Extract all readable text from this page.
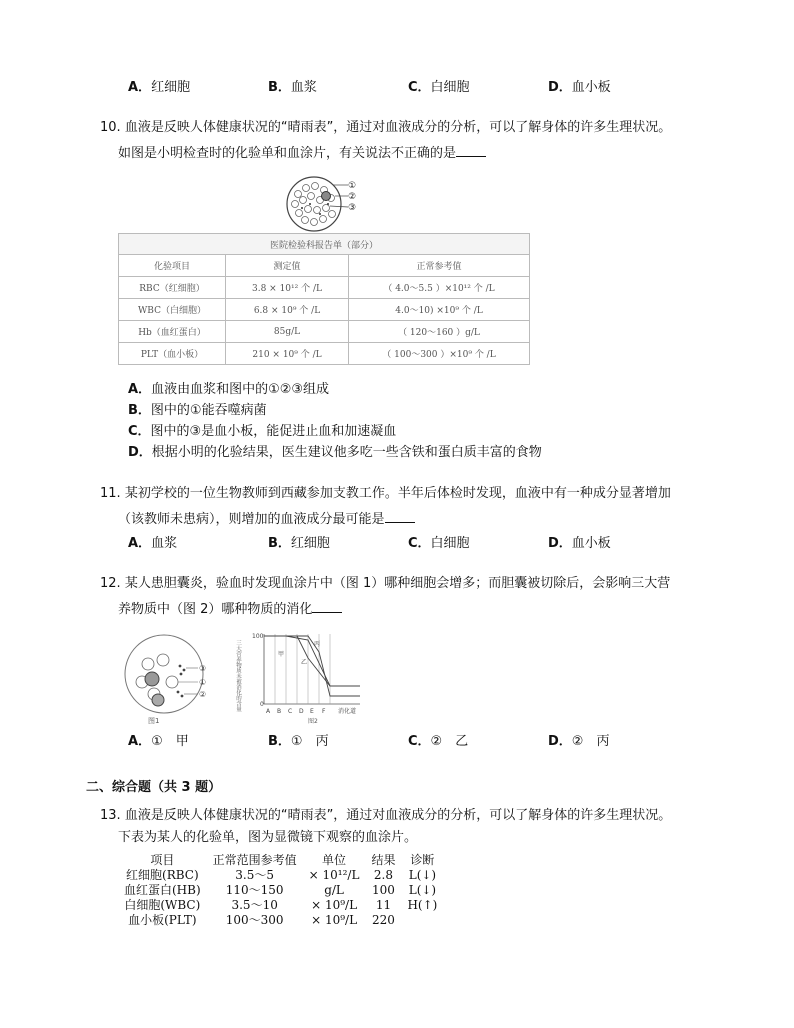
A．红细胞	B．血浆	C．白细胞	D．血小板
10. 血液是反映人体健康状况的“晴雨表”，通过对血液成分的分析，可以了解身体的许多生理状况。
如图是小明检查时的化验单和血涂片，有关说法不正确的是
①
②
③
医院检验科报告单（部分）		
化验项目	测定值	正常参考值
RBC（红细胞）	3.8 × 10¹² 个 /L	（ 4.0～5.5 ）×10¹² 个 /L
WBC（白细胞）	6.8 × 10⁹ 个 /L	4.0～10) ×10⁹ 个 /L
Hb（血红蛋白）	85g/L	（ 120～160 ）g/L
PLT（血小板）	210 × 10⁹ 个 /L	（ 100～300 ）×10⁹ 个 /L
A．血液由血浆和图中的①②③组成
B．图中的①能吞噬病菌
C．图中的③是血小板，能促进止血和加速凝血
D．根据小明的化验结果，医生建议他多吃一些含铁和蛋白质丰富的食物
11. 某初学校的一位生物教师到西藏参加支教工作。半年后体检时发现，血液中有一种成分显著增加
（该教师未患病），则增加的血液成分最可能是
A．血浆	B．红细胞	C．白细胞	D．血小板
12. 某人患胆囊炎，验血时发现血涂片中（图 1）哪种细胞会增多；而胆囊被切除后，会影响三大营
养物质中（图 2）哪种物质的消化
③
①
②
图1
三大营养物质未被消化的含量
100
0
甲
乙
丙
A B C D E F 消化道
图2
A．①　甲	B．①　丙	C．②　乙	D．②　丙
二、综合题（共 3 题）
13. 血液是反映人体健康状况的“晴雨表”，通过对血液成分的分析，可以了解身体的许多生理状况。
下表为某人的化验单，图为显微镜下观察的血涂片。
项目	正常范围参考值	单位	结果	诊断
红细胞(RBC)	3.5～5	× 10¹²/L	2.8	L(↓)
血红蛋白(HB)	110～150	g/L	100	L(↓)
白细胞(WBC)	3.5～10	× 10⁹/L	11	H(↑)
血小板(PLT)	100～300	× 10⁹/L	220	
